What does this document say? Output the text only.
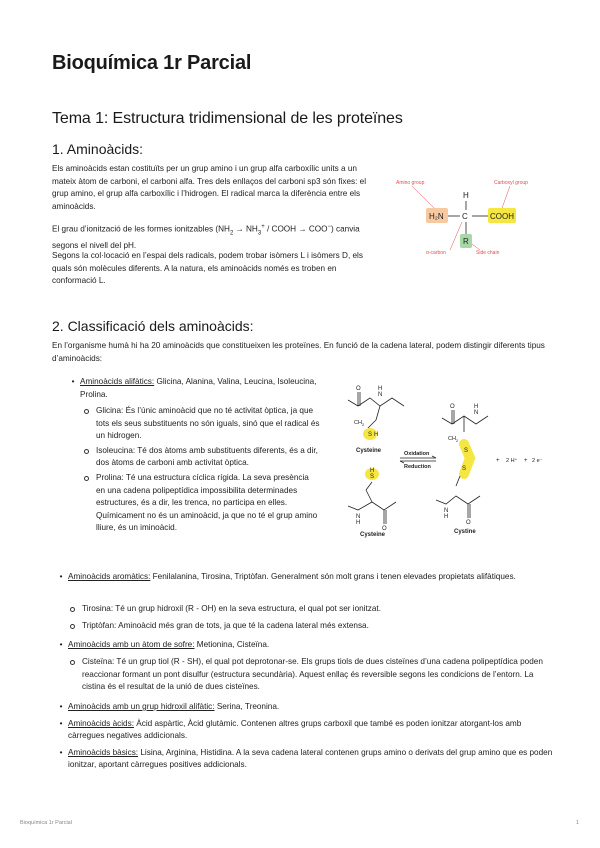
Bioquímica 1r Parcial
Tema 1: Estructura tridimensional de les proteïnes
1. Aminoàcids:

Els aminoàcids estan costituïts per un grup amino i un grup alfa carboxílic units a un mateix àtom de carboni, el carboni alfa. Tres dels enllaços del carboni sp3 són fixes: el grup amino, el grup alfa carboxílic i l’hidrogen. El radical marca la diferència entre els aminoàcids.

El grau d’ionització de les formes ionitzables ($NH_2 \to NH_3^+$ / COOH → COO−) canvia segons el nivell del pH.

Segons la col·locació en l’espai dels radicals, podem trobar isòmers L i isòmers D, els quals són molècules diferents. A la natura, els aminoàcids només es troben en conformació L.

Amino group	Carboxyl group
H
H₂N C	COOH
R
α-carbon	Side chain
2. Classificació dels aminoàcids:

En l’organisme humà hi ha 20 aminoàcids que constitueixen les proteïnes. En funció de la cadena lateral, podem distingir diferents tipus d’aminoàcids:

• Aminoàcids alifàtics: Glicina, Alanina, Valina, Leucina, Isoleucina, Prolina.
Glicina: És l’únic aminoàcid que no té activitat òptica, ja que tots els seus substituents no són iguals, sinó que el radical és un hidrogen.
Isoleucina: Té dos àtoms amb substituents diferents, és a dir, dos àtoms de carboni amb activitat òptica.
Prolina: Té una estructura cíclica rígida. La seva presència en una cadena polipeptídica impossibilita determinades estructures, és a dir, les trenca, no participa en elles. Químicament no és un aminoàcid, ja que no té el grup amino lliure, és un iminoàcid.
O
N
H
$CH_2$
S H
Cysteine
H
S
N
H
O
Cysteine
Oxidation
Reduction
O
N
H
$CH_2$
S
S
N
H
O
Cystine
+ 2 H⁺ + 2 e⁻
• Aminoàcids aromàtics: Fenilalanina, Tirosina, Triptòfan. Generalment són molt grans i tenen elevades propietats alifàtiques.
Tirosina: Té un grup hidroxil (R - OH) en la seva estructura, el qual pot ser ionitzat.
Triptòfan: Aminoàcid més gran de tots, ja que té la cadena lateral més extensa.
• Aminoàcids amb un àtom de sofre: Metionina, Cisteïna.
Cisteïna: Té un grup tiol (R - SH), el qual pot deprotonar-se. Els grups tiols de dues cisteïnes d’una cadena polipeptídica poden reaccionar formant un pont disulfur (estructura secundària). Aquest enllaç és reversible segons les condicions de l’entorn. La cistina és el resultat de la unió de dues cisteïnes.
• Aminoàcids amb un grup hidroxil alifàtic: Serina, Treonina.
• Aminoàcids àcids: Àcid aspàrtic, Àcid glutàmic. Contenen altres grups carboxil que també es poden ionitzar atorgant-los amb càrregues negatives addicionals.
• Aminoàcids bàsics: Lisina, Arginina, Histidina. A la seva cadena lateral contenen grups amino o derivats del grup amino que es poden ionitzar, aportant càrregues positives addicionals.
Bioquímica 1r Parcial	1
